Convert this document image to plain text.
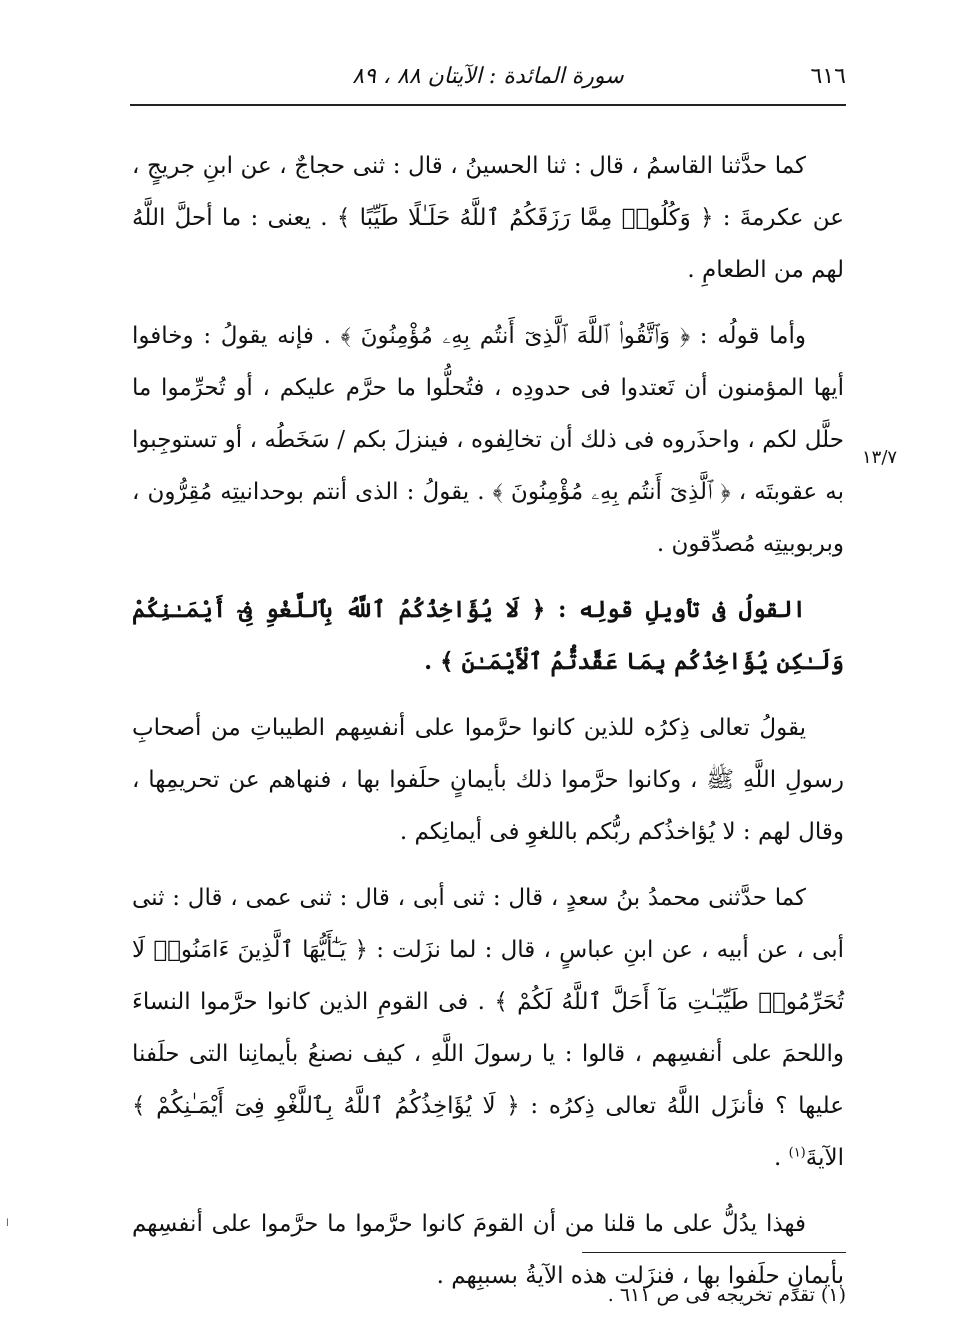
٦١٦
سورة المائدة : الآيتان ٨٨ ، ٨٩
١٣/٧

كما حدَّثنا القاسمُ ، قال : ثنا الحسينُ ، قال : ثنى حجاجٌ ، عن ابنِ جريجٍ ، عن عكرمةَ : ﴿ وَكُلُوا۟ مِمَّا رَزَقَكُمُ ٱللَّهُ حَلَـٰلًا طَيِّبًا ﴾ . يعنى : ما أحلَّ اللَّهُ لهم من الطعامِ .

وأما قولُه : ﴿ وَٱتَّقُوا۟ ٱللَّهَ ٱلَّذِىٓ أَنتُم بِهِۦ مُؤْمِنُونَ ﴾ . فإنه يقولُ : وخافوا أيها المؤمنون أن تَعتدوا فى حدودِه ، فتُحلُّوا ما حرَّم عليكم ، أو تُحرِّموا ما حلَّل لكم ، واحذَروه فى ذلك أن تخالِفوه ، فينزلَ بكم / سَخَطُه ، أو تستوجِبوا به عقوبتَه ، ﴿ ٱلَّذِىٓ أَنتُم بِهِۦ مُؤْمِنُونَ ﴾ . يقولُ : الذى أنتم بوحدانيتِه مُقِرُّون ، وبربوبيتِه مُصدِّقون .

القولُ فى تأويلِ قولِه : ﴿ لَا يُؤَاخِذُكُمُ ٱللَّهُ بِٱللَّغْوِ فِىٓ أَيْمَـٰنِكُمْ وَلَـٰكِن يُؤَاخِذُكُم بِمَا عَقَّدتُّمُ ٱلْأَيْمَـٰنَ ﴾ .

يقولُ تعالى ذِكرُه للذين كانوا حرَّموا على أنفسِهم الطيباتِ من أصحابِ رسولِ اللَّهِ ﷺ ، وكانوا حرَّموا ذلك بأيمانٍ حلَفوا بها ، فنهاهم عن تحريمِها ، وقال لهم : لا يُؤاخذُكم ربُّكم باللغوِ فى أيمانِكم .

كما حدَّثنى محمدُ بنُ سعدٍ ، قال : ثنى أبى ، قال : ثنى عمى ، قال : ثنى أبى ، عن أبيه ، عن ابنِ عباسٍ ، قال : لما نزَلت : ﴿ يَـٰٓأَيُّهَا ٱلَّذِينَ ءَامَنُوا۟ لَا تُحَرِّمُوا۟ طَيِّبَـٰتِ مَآ أَحَلَّ ٱللَّهُ لَكُمْ ﴾ . فى القومِ الذين كانوا حرَّموا النساءَ واللحمَ على أنفسِهم ، قالوا : يا رسولَ اللَّهِ ، كيف نصنعُ بأيمانِنا التى حلَفنا عليها ؟ فأنزَل اللَّهُ تعالى ذِكرُه : ﴿ لَا يُؤَاخِذُكُمُ ٱللَّهُ بِٱللَّغْوِ فِىٓ أَيْمَـٰنِكُمْ ﴾ الآيةَ$^{(١)}$ .

فهذا يدُلُّ على ما قلنا من أن القومَ كانوا حرَّموا ما حرَّموا على أنفسِهم بأيمانٍ حلَفوا بها ، فنزَلت هذه الآيةُ بسببِهم .

(١) تقدم تخريجه فى ص ٦١١ .
ا
